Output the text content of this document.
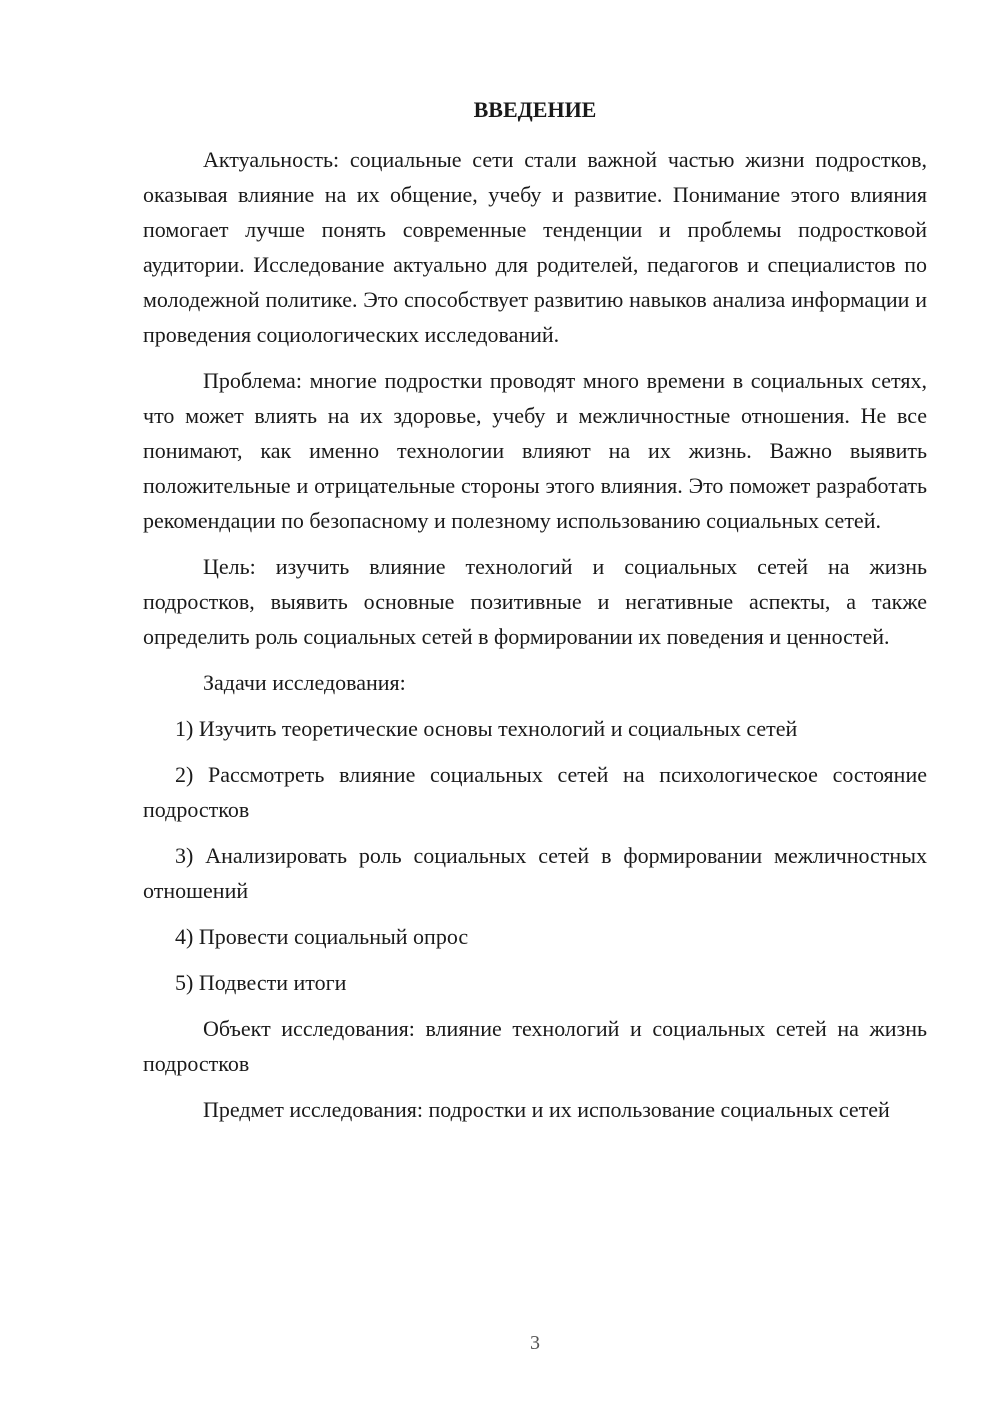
ВВЕДЕНИЕ

Актуальность: социальные сети стали важной частью жизни подростков, оказывая влияние на их общение, учебу и развитие. Понимание этого влияния помогает лучше понять современные тенденции и проблемы подростковой аудитории. Исследование актуально для родителей, педагогов и специалистов по молодежной политике. Это способствует развитию навыков анализа информации и проведения социологических исследований.

Проблема: многие подростки проводят много времени в социальных сетях, что может влиять на их здоровье, учебу и межличностные отношения. Не все понимают, как именно технологии влияют на их жизнь. Важно выявить положительные и отрицательные стороны этого влияния. Это поможет разработать рекомендации по безопасному и полезному использованию социальных сетей.

Цель: изучить влияние технологий и социальных сетей на жизнь подростков, выявить основные позитивные и негативные аспекты, а также определить роль социальных сетей в формировании их поведения и ценностей.

Задачи исследования:

1) Изучить теоретические основы технологий и социальных сетей

2) Рассмотреть влияние социальных сетей на психологическое состояние подростков

3) Анализировать роль социальных сетей в формировании межличностных отношений

4) Провести социальный опрос

5) Подвести итоги

Объект исследования: влияние технологий и социальных сетей на жизнь подростков

Предмет исследования: подростки и их использование социальных сетей

3
